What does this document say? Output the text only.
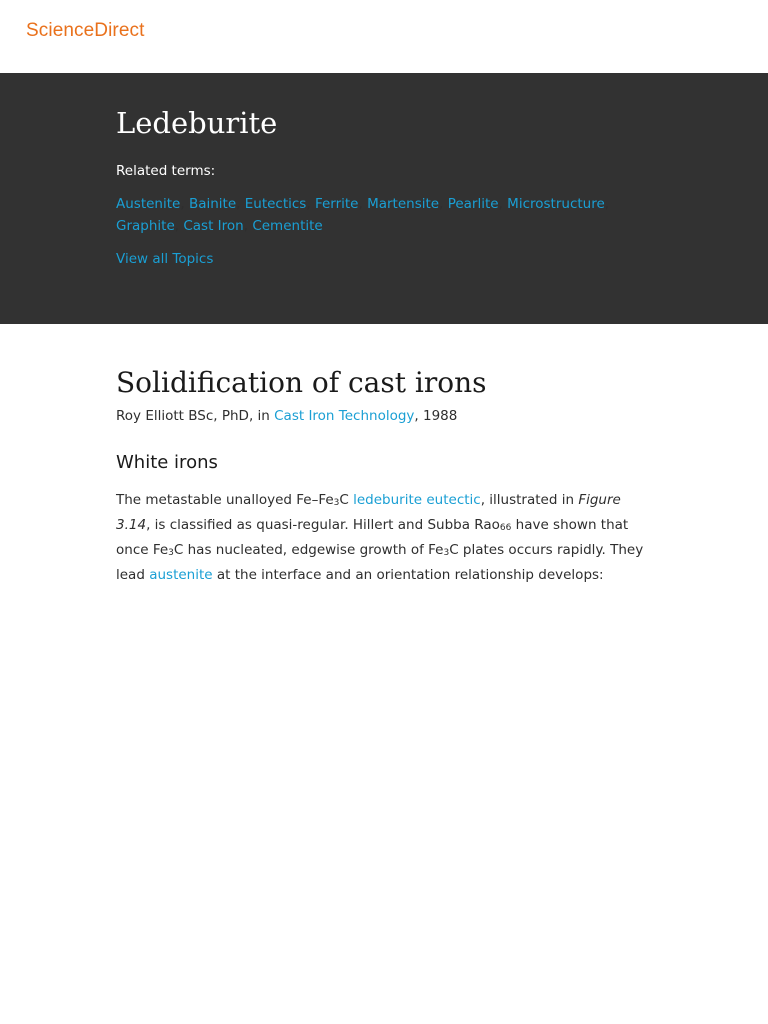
ScienceDirect
Ledeburite
Related terms:
Austenite, Bainite, Eutectics, Ferrite, Martensite, Pearlite, Microstructure, Graphite, Cast Iron, Cementite
View all Topics
Solidification of cast irons
Roy Elliott BSc, PhD, in Cast Iron Technology, 1988
White irons
The metastable unalloyed $Fe-Fe_3C$ ledeburite eutectic, illustrated in Figure 3.14, is classified as quasi-regular. Hillert and Subba Rao$_{66}$ have shown that once $Fe_3C$ has nucleated, edgewise growth of $Fe_3C$ plates occurs rapidly. They lead austenite at the interface and an orientation relationship develops:
